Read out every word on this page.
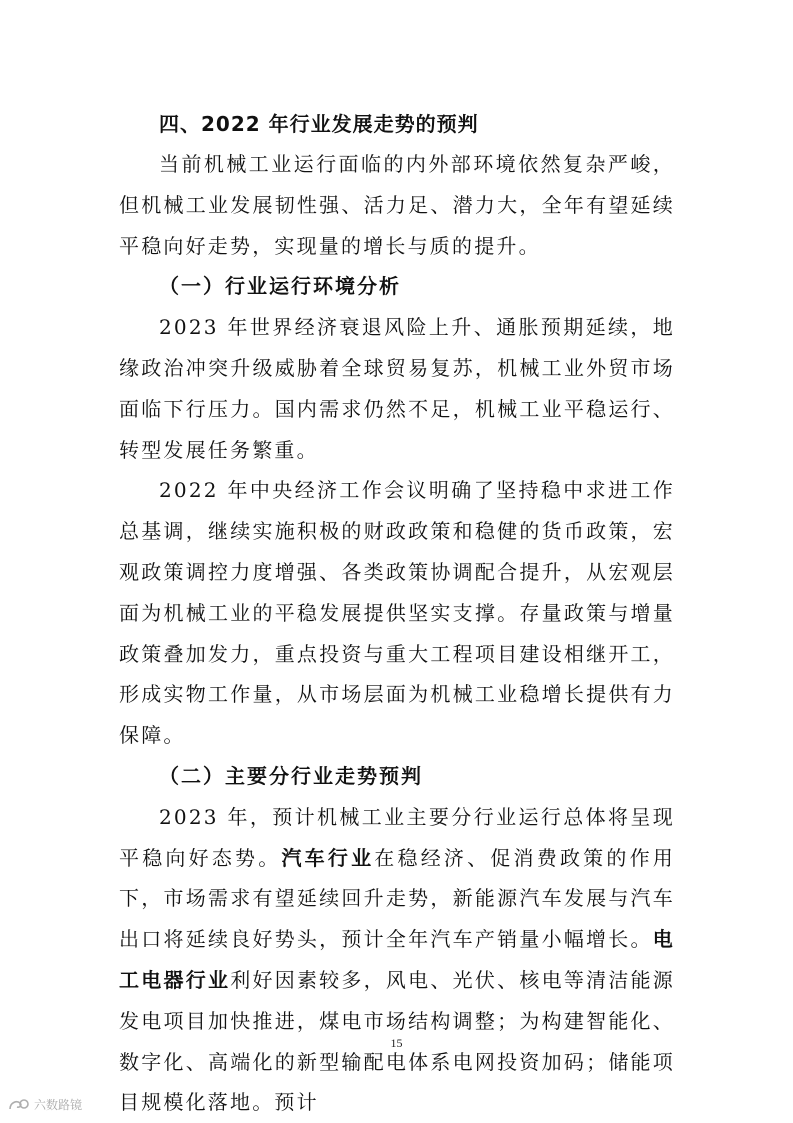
四、2022 年行业发展走势的预判

当前机械工业运行面临的内外部环境依然复杂严峻，但机械工业发展韧性强、活力足、潜力大，全年有望延续平稳向好走势，实现量的增长与质的提升。

（一）行业运行环境分析

2023 年世界经济衰退风险上升、通胀预期延续，地缘政治冲突升级威胁着全球贸易复苏，机械工业外贸市场面临下行压力。国内需求仍然不足，机械工业平稳运行、转型发展任务繁重。

2022 年中央经济工作会议明确了坚持稳中求进工作总基调，继续实施积极的财政政策和稳健的货币政策，宏观政策调控力度增强、各类政策协调配合提升，从宏观层面为机械工业的平稳发展提供坚实支撑。存量政策与增量政策叠加发力，重点投资与重大工程项目建设相继开工，形成实物工作量，从市场层面为机械工业稳增长提供有力保障。

（二）主要分行业走势预判

2023 年，预计机械工业主要分行业运行总体将呈现平稳向好态势。汽车行业在稳经济、促消费政策的作用下，市场需求有望延续回升走势，新能源汽车发展与汽车出口将延续良好势头，预计全年汽车产销量小幅增长。电工电器行业利好因素较多，风电、光伏、核电等清洁能源发电项目加快推进，煤电市场结构调整；为构建智能化、数字化、高端化的新型输配电体系电网投资加码；储能项目规模化落地。预计

15
六数路镜
